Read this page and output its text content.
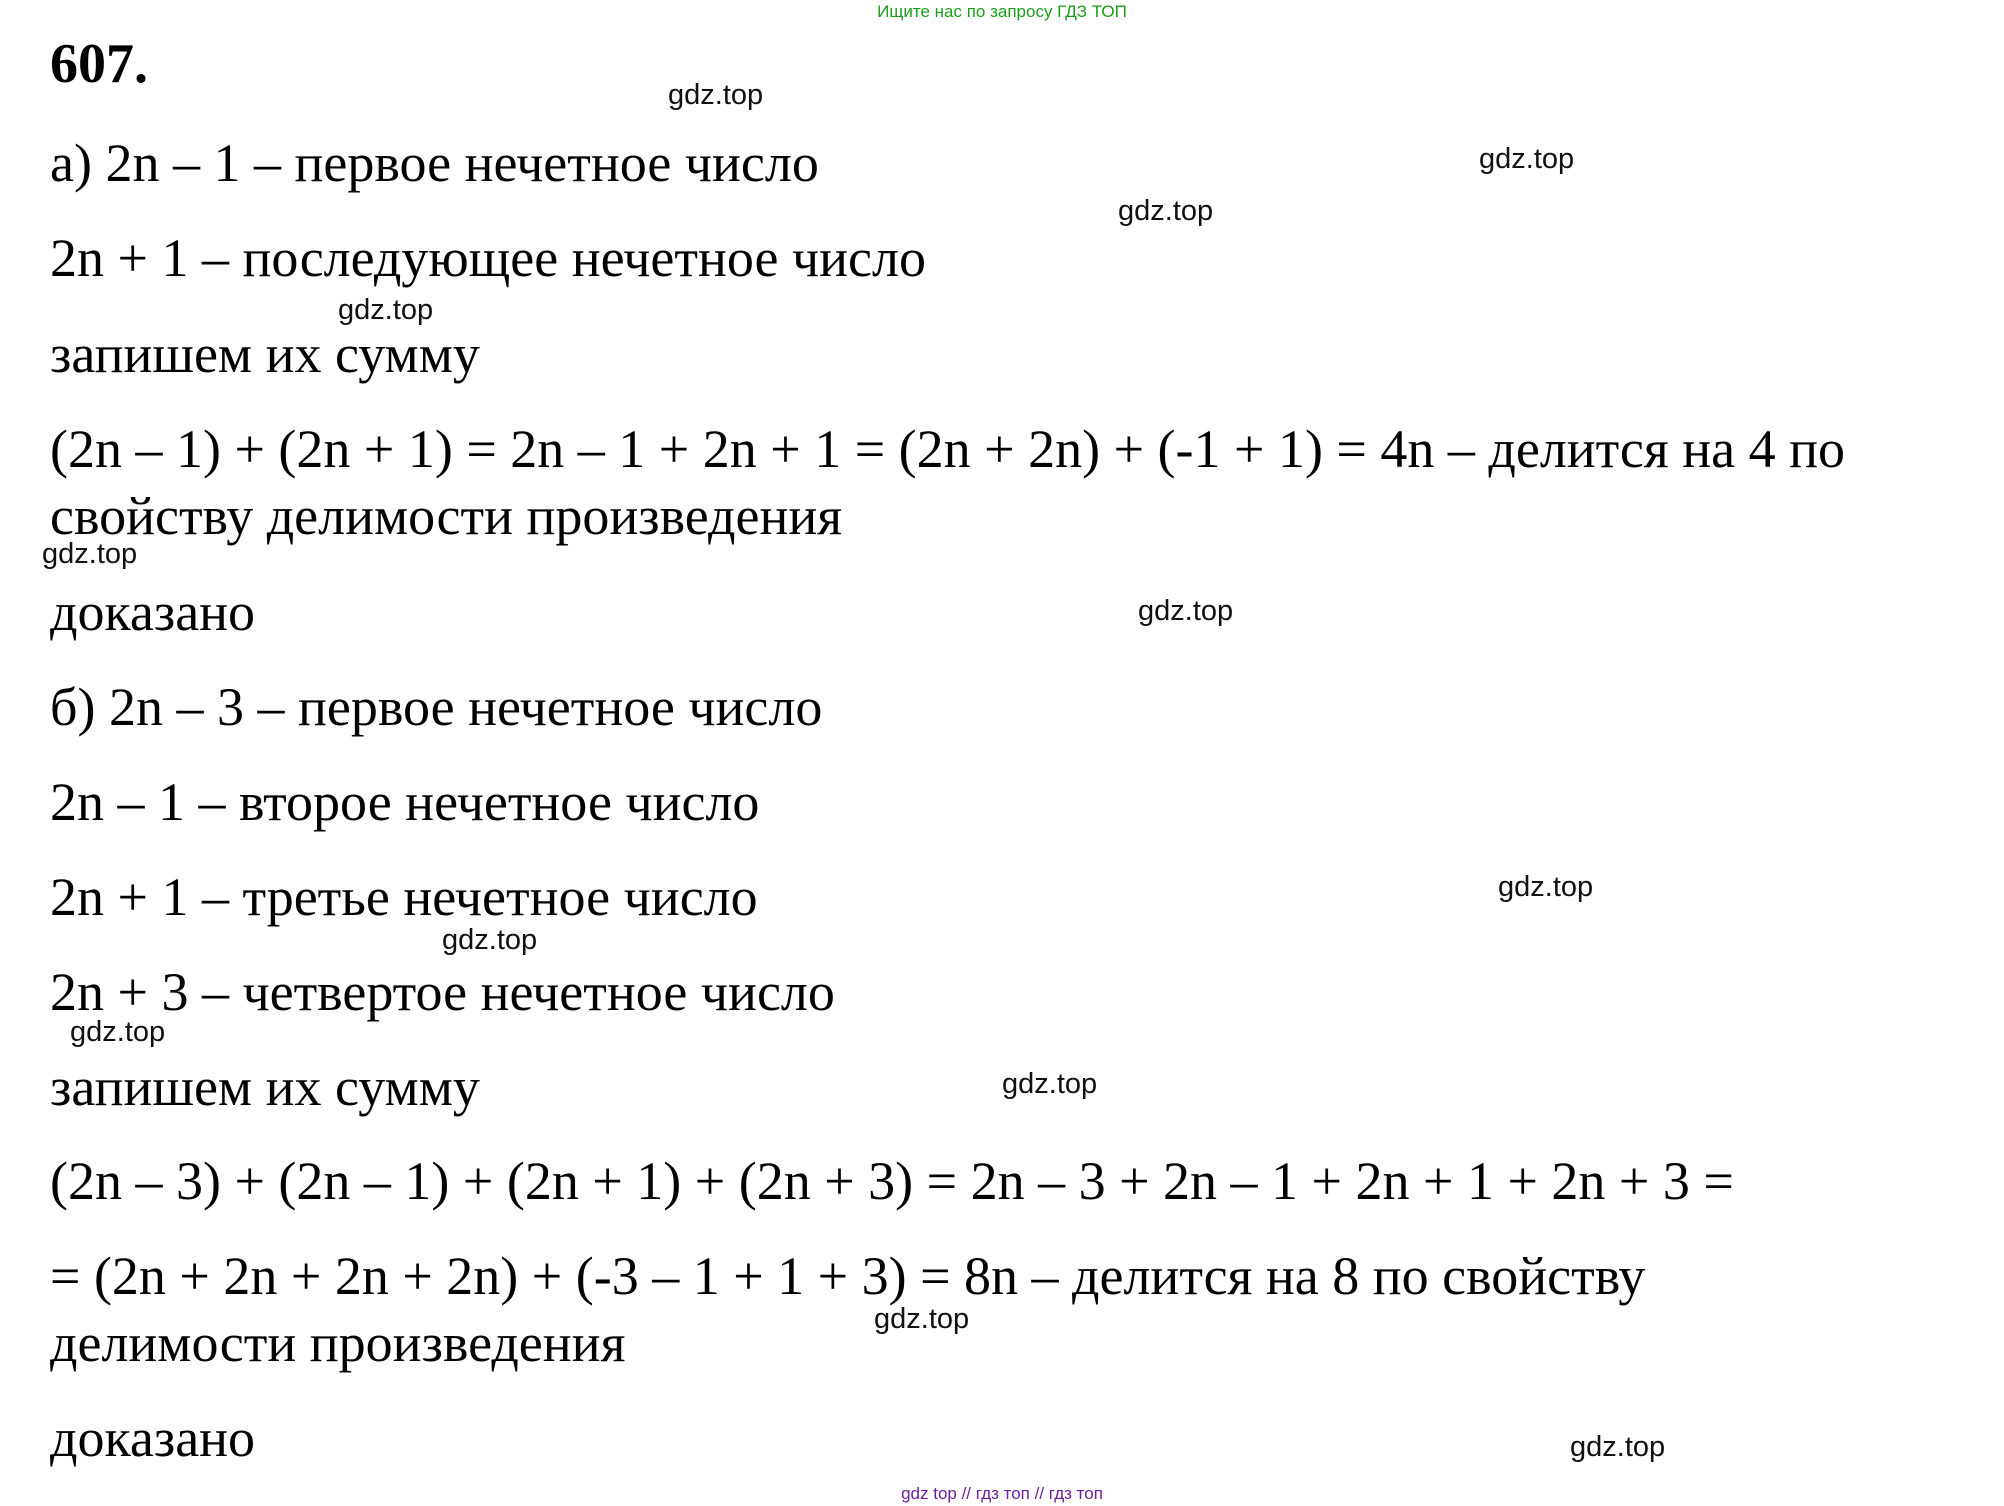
Ищите нас по запросу ГДЗ ТОП
607.
а) 2n – 1 – первое нечетное число
2n + 1 – последующее нечетное число
запишем их сумму
(2n – 1) + (2n + 1) = 2n – 1 + 2n + 1 = (2n + 2n) + (-1 + 1) = 4n – делится на 4 по
свойству делимости произведения
доказано
б) 2n – 3 – первое нечетное число
2n – 1 – второе нечетное число
2n + 1 – третье нечетное число
2n + 3 – четвертое нечетное число
запишем их сумму
(2n – 3) + (2n – 1) + (2n + 1) + (2n + 3) = 2n – 3 + 2n – 1 + 2n + 1 + 2n + 3 =
= (2n + 2n + 2n + 2n) + (-3 – 1 + 1 + 3) = 8n – делится на 8 по свойству
делимости произведения
доказано
gdz.top
gdz.top
gdz.top
gdz.top
gdz.top
gdz.top
gdz.top
gdz.top
gdz.top
gdz.top
gdz.top
gdz.top
gdz top // гдз топ // гдз топ
